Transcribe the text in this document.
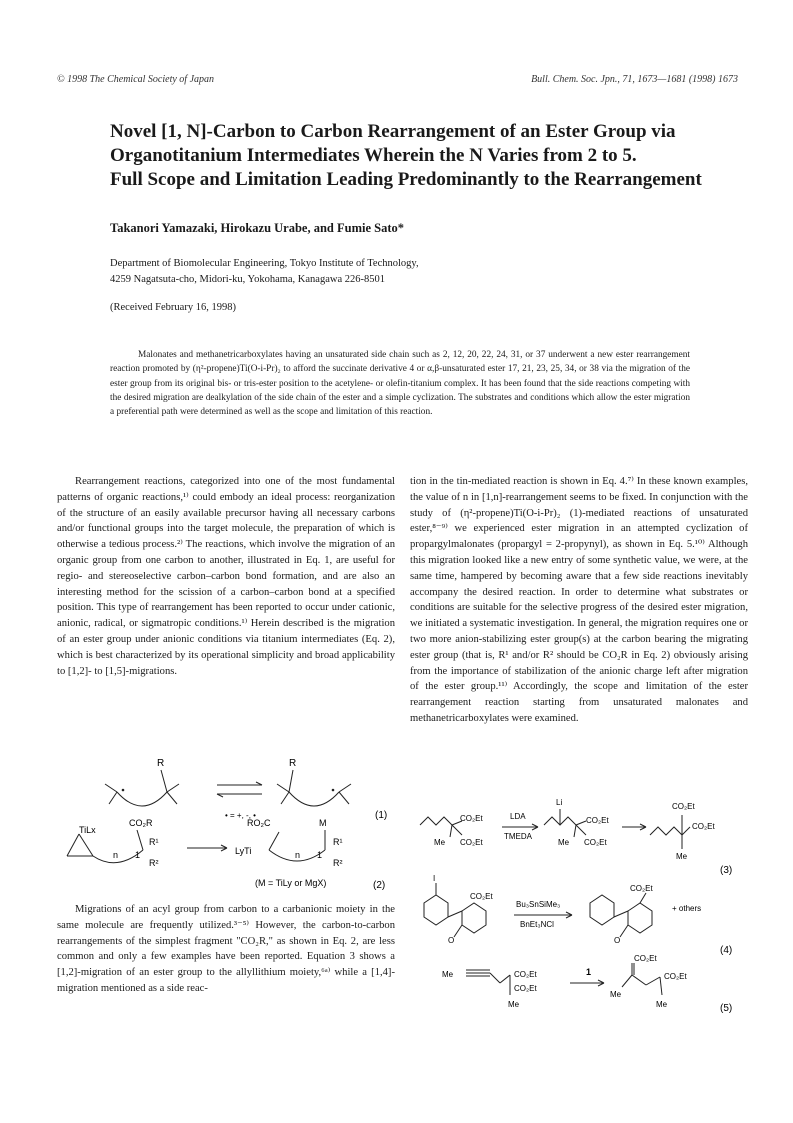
© 1998 The Chemical Society of Japan	Bull. Chem. Soc. Jpn., 71, 1673—1681 (1998) 1673
Novel [1, N]-Carbon to Carbon Rearrangement of an Ester Group via
Organotitanium Intermediates Wherein the N Varies from 2 to 5.
Full Scope and Limitation Leading Predominantly to the Rearrangement
Takanori Yamazaki, Hirokazu Urabe, and Fumie Sato*
Department of Biomolecular Engineering, Tokyo Institute of Technology,
4259 Nagatsuta-cho, Midori-ku, Yokohama, Kanagawa 226-8501
(Received February 16, 1998)
Malonates and methanetricarboxylates having an unsaturated side chain such as 2, 12, 20, 22, 24, 31, or 37 underwent a new ester rearrangement reaction promoted by (η²-propene)Ti(O-i-Pr)₂ to afford the succinate derivative 4 or α,β-unsaturated ester 17, 21, 23, 25, 34, or 38 via the migration of the ester group from its original bis- or tris-ester position to the acetylene- or olefin-titanium complex. It has been found that the side reactions competing with the desired migration are dealkylation of the side chain of the ester and a simple cyclization. The substrates and conditions which allow the ester migration a preferential path were determined as well as the scope and limitation of this reaction.

Rearrangement reactions, categorized into one of the most fundamental patterns of organic reactions,¹⁾ could embody an ideal process: reorganization of the structure of an easily available precursor having all necessary carbons and/or functional groups into the target molecule, the preparation of which is otherwise a tedious process.²⁾ The reactions, which involve the migration of an organic group from one carbon to another, illustrated in Eq. 1, are useful for regio- and stereoselective carbon–carbon bond formation, and are also an interesting method for the scission of a carbon–carbon bond at a specified position. This type of rearrangement has been reported to occur under cationic, anionic, radical, or sigmatropic conditions.¹⁾ Herein described is the migration of an ester group under anionic conditions via titanium intermediates (Eq. 2), which is best characterized by its operational simplicity and broad applicability to [1,2]- to [1,5]-migrations.

Migrations of an acyl group from carbon to a carbanionic moiety in the same molecule are frequently utilized.³⁻⁵⁾ However, the carbon-to-carbon rearrangements of the simplest fragment "CO₂R," as shown in Eq. 2, are less common and only a few examples have been reported. Equation 3 shows a [1,2]-migration of an ester group to the allyllithium moiety,⁶ᵃ⁾ while a [1,4]-migration mentioned as a side reac-

tion in the tin-mediated reaction is shown in Eq. 4.⁷⁾ In these known examples, the value of n in [1,n]-rearrangement seems to be fixed. In conjunction with the study of (η²-propene)Ti(O-i-Pr)₂ (1)-mediated reactions of unsaturated ester,⁸⁻⁹⁾ we experienced ester migration in an attempted cyclization of propargylmalonates (propargyl = 2-propynyl), as shown in Eq. 5.¹⁰⁾ Although this migration looked like a new entry of some synthetic value, we were, at the same time, hampered by becoming aware that a few side reactions inevitably accompany the desired reaction. In order to determine what substrates or conditions are suitable for the selective progress of the desired ester migration, we initiated a systematic investigation. In general, the migration requires one or two more anion-stabilizing ester group(s) at the carbon bearing the migrating ester group (that is, R¹ and/or R² should be CO₂R in Eq. 2) obviously arising from the importance of stabilization of the anionic charge left after migration of the ester group.¹¹⁾ Accordingly, the scope and limitation of the ester rearrangement reaction starting from unsaturated malonates and methanetricarboxylates were examined.

R	R
• = +, -, •	(1)
TiLx
CO₂R
n 1
R¹
R²
RO₂C	M
LyTi	n 1
R¹
R²
(M = TiLy or MgX)	(2)
CO₂Et
Me CO₂Et
LDA
TMEDA
Li
CO₂Et
Me CO₂Et
CO₂Et
CO₂Et
Me
(3)
I
CO₂Et
O
Bu₃SnSiMe₃
BnEt₃NCl
CO₂Et
O
+ others
(4)
Me	CO₂Et
CO₂Et
Me
1
CO₂Et
CO₂Et
Me
Me	(5)
